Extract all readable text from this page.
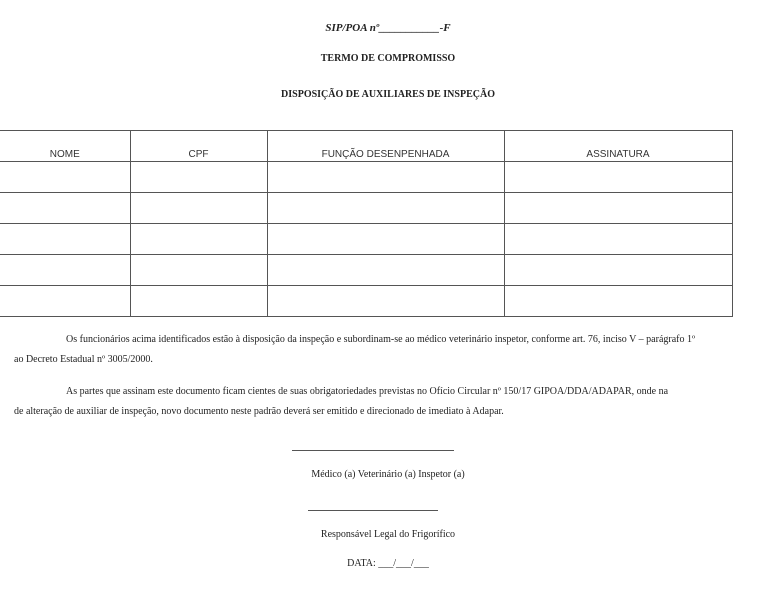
SIP/POA nº___________-F
TERMO DE COMPROMISSO
DISPOSIÇÃO DE AUXILIARES DE INSPEÇÃO
NOME	CPF	FUNÇÃO DESENPENHADA	ASSINATURA

Os funcionários acima identificados estão à disposição da inspeção e subordinam-se ao médico veterinário inspetor, conforme art. 76, inciso V – parágrafo 1º
ao Decreto Estadual nº 3005/2000.
As partes que assinam este documento ficam cientes de suas obrigatoriedades previstas no Ofício Circular nº 150/17 GIPOA/DDA/ADAPAR, onde na
de alteração de auxiliar de inspeção, novo documento neste padrão deverá ser emitido e direcionado de imediato à Adapar.
Médico (a) Veterinário (a) Inspetor (a)
Responsável Legal do Frigorífico
DATA: ___/___/___
